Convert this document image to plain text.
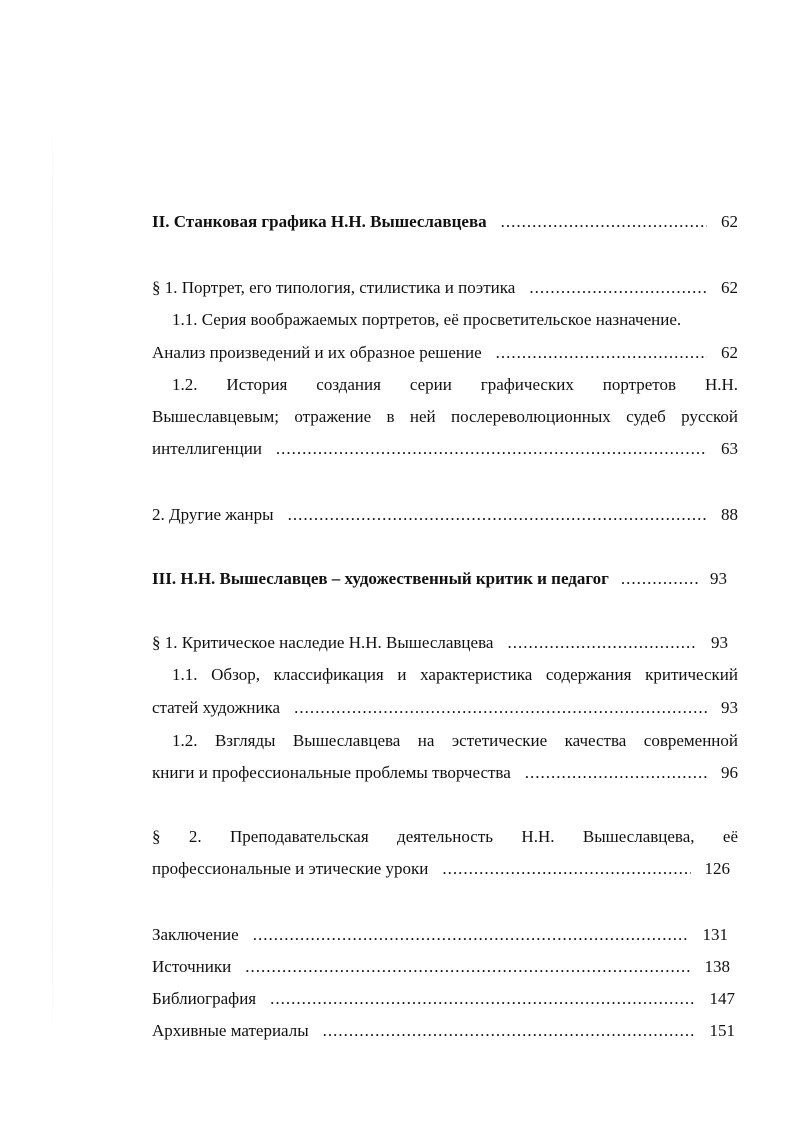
II. Станковая графика Н.Н. Вышеславцева .....	62
§ 1. Портрет, его типология, стилистика и поэтика .....	62
1.1. Серия воображаемых портретов, её просветительское назначение.
Анализ произведений и их образное решение .....	62
1.2. История создания серии графических портретов Н.Н.
Вышеславцевым; отражение в ней послереволюционных судеб русской
интеллигенции .....	63
2. Другие жанры .....	88
III. Н.Н. Вышеславцев – художественный критик и педагог .....	93
§ 1. Критическое наследие Н.Н. Вышеславцева .....	93
1.1. Обзор, классификация и характеристика содержания критический
статей художника .....	93
1.2. Взгляды Вышеславцева на эстетические качества современной
книги и профессиональные проблемы творчества .....	96
§ 2. Преподавательская деятельность Н.Н. Вышеславцева, её
профессиональные и этические уроки .....	126
Заключение .....	131
Источники .....	138
Библиография .....	147
Архивные материалы .....	151
